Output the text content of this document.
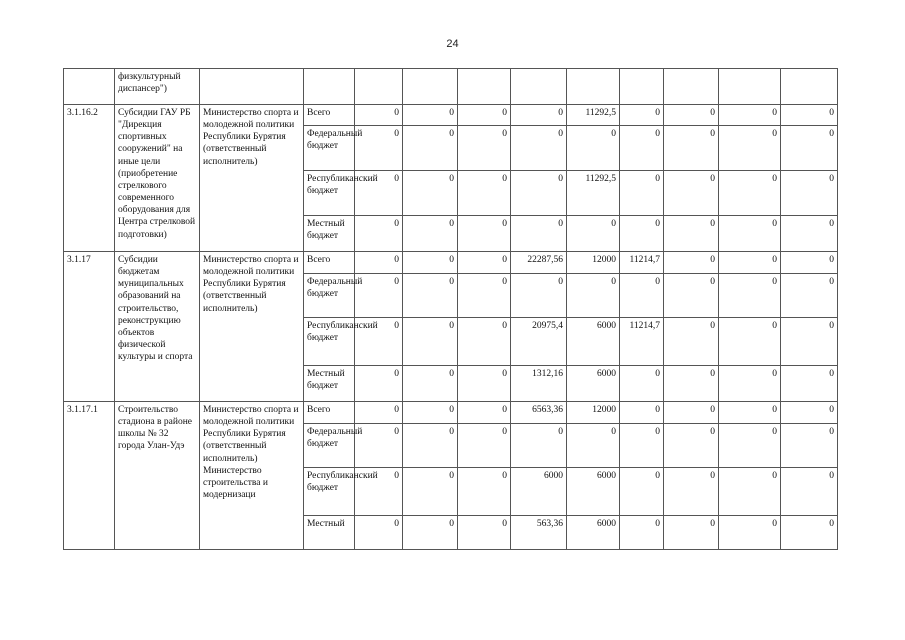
24
	физкультурный диспансер")												
3.1.16.2	Субсидии ГАУ РБ "Дирекция спортивных сооружений" на иные цели (приобретение стрелкового современного оборудования для Центра стрелковой подготовки)	Министерство спорта и молодежной политики Республики Бурятия (ответственный исполнитель)	Всего	0	0	0	0	11292,5	0	0	0	0	
			Федеральный бюджет	0	0	0	0	0	0	0	0	0	
			Республиканский бюджет	0	0	0	0	11292,5	0	0	0	0	
			Местный бюджет	0	0	0	0	0	0	0	0	0	
3.1.17	Субсидии бюджетам муниципальных образований на строительство, реконструкцию объектов физической культуры и спорта	Министерство спорта и молодежной политики Республики Бурятия (ответственный исполнитель)	Всего	0	0	0	22287,56	12000	11214,7	0	0	0	
			Федеральный бюджет	0	0	0	0	0	0	0	0	0	
			Республиканский бюджет	0	0	0	20975,4	6000	11214,7	0	0	0	
			Местный бюджет	0	0	0	1312,16	6000	0	0	0	0	
3.1.17.1	Строительство стадиона в районе школы № 32 города Улан-Удэ	Министерство спорта и молодежной политики Республики Бурятия (ответственный исполнитель) Министерство строительства и модернизаци	Всего	0	0	0	6563,36	12000	0	0	0	0	
			Федеральный бюджет	0	0	0	0	0	0	0	0	0	
			Республиканский бюджет	0	0	0	6000	6000	0	0	0	0	
			Местный	0	0	0	563,36	6000	0	0	0	0	
